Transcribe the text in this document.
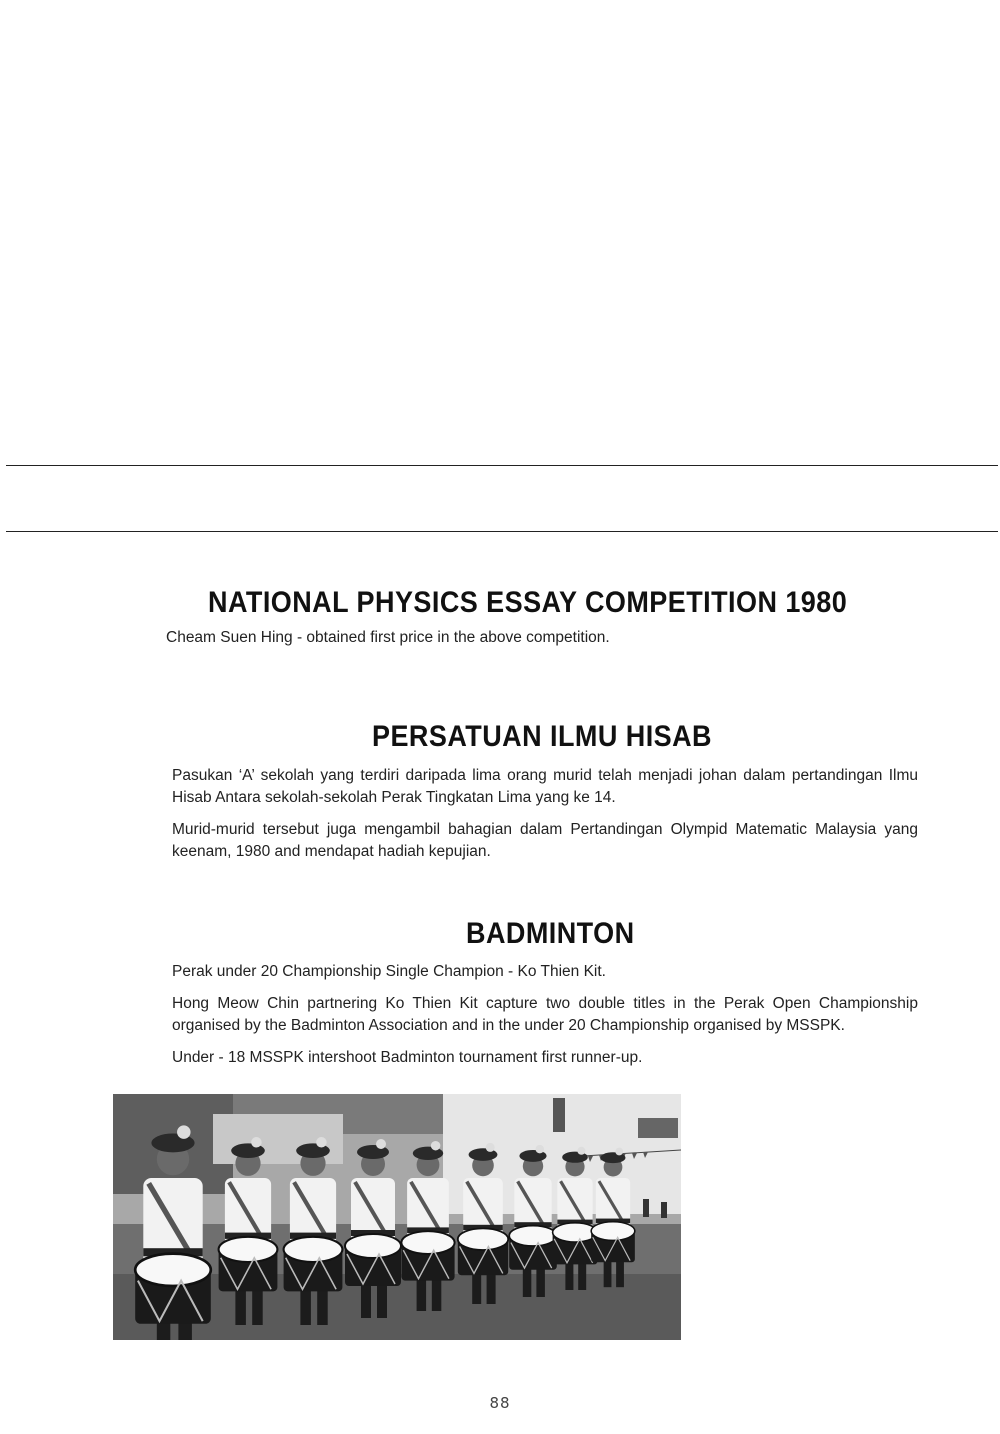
NATIONAL PHYSICS ESSAY COMPETITION 1980

Cheam Suen Hing - obtained first price in the above competition.

PERSATUAN ILMU HISAB

Pasukan ‘A’ sekolah yang terdiri daripada lima orang murid telah menjadi johan dalam pertandingan Ilmu Hisab Antara sekolah-sekolah Perak Tingkatan Lima yang ke 14.

Murid-murid tersebut juga mengambil bahagian dalam Pertandingan Olympid Matematic Malaysia yang keenam, 1980 and mendapat hadiah kepujian.

BADMINTON

Perak under 20 Championship Single Champion - Ko Thien Kit.

Hong Meow Chin partnering Ko Thien Kit capture two double titles in the Perak Open Championship organised by the Badminton Association and in the under 20 Championship organised by MSSPK.

Under - 18 MSSPK intershoot Badminton tournament first runner-up.

88
